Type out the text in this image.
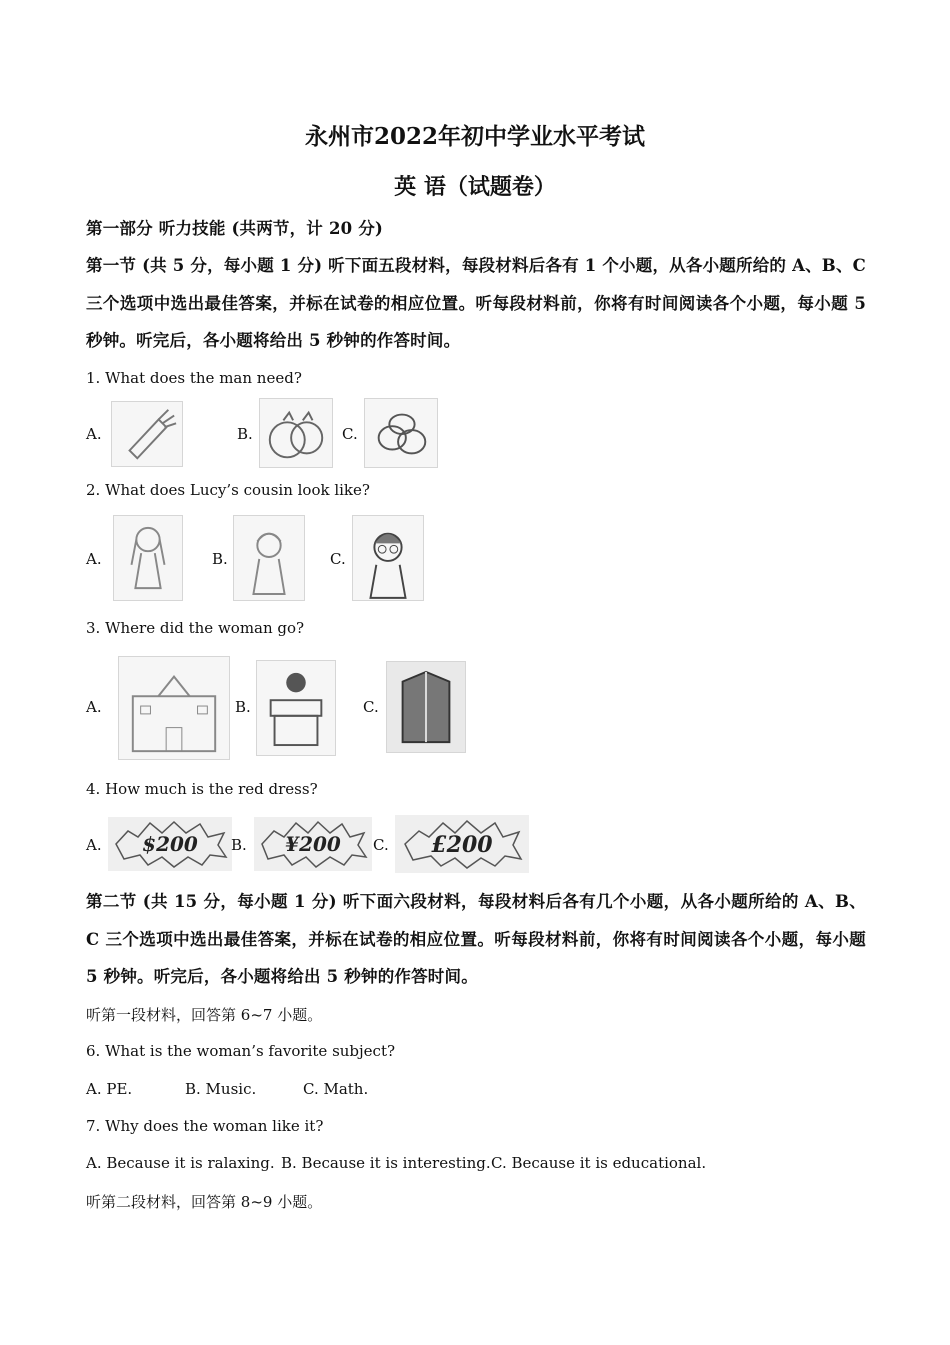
永州市2022年初中学业水平考试
英 语（试题卷）
第一部分 听力技能 (共两节，计 20 分)
第一节 (共 5 分，每小题 1 分) 听下面五段材料，每段材料后各有 1 个小题，从各小题所给的 A、B、C 三个选项中选出最佳答案，并标在试卷的相应位置。听每段材料前，你将有时间阅读各个小题，每小题 5 秒钟。听完后，各小题将给出 5 秒钟的作答时间。
1. What does the man need?
A.	B.	C.
2. What does Lucy’s cousin look like?
A.	B.	C.
3. Where did the woman go?
A.	B.	C.
4. How much is the red dress?
A. $200 B. ¥200 C. £200
第二节 (共 15 分，每小题 1 分) 听下面六段材料，每段材料后各有几个小题，从各小题所给的 A、B、C 三个选项中选出最佳答案，并标在试卷的相应位置。听每段材料前，你将有时间阅读各个小题，每小题 5 秒钟。听完后，各小题将给出 5 秒钟的作答时间。
听第一段材料，回答第 6~7 小题。
6. What is the woman’s favorite subject?
A. PE.	B. Music.	C. Math.
7. Why does the woman like it?
A. Because it is ralaxing. B. Because it is interesting. C. Because it is educational.
听第二段材料，回答第 8~9 小题。
